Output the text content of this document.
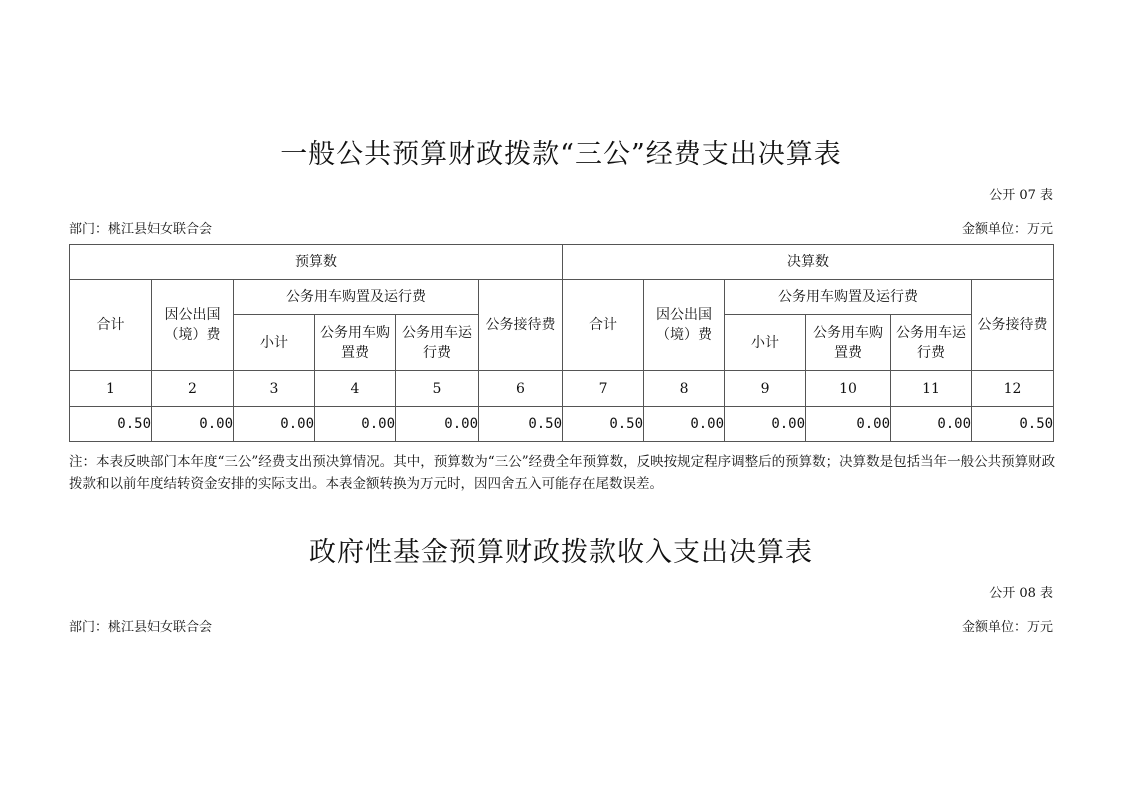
一般公共预算财政拨款“三公”经费支出决算表
公开 07 表
部门：桃江县妇女联合会	金额单位：万元
预算数						决算数					
合计	因公出国（境）费	公务用车购置及运行费			公务接待费	合计	因公出国（境）费	公务用车购置及运行费			公务接待费
		小计	公务用车购置费	公务用车运行费				小计	公务用车购置费	公务用车运行费	
1	2	3	4	5	6	7	8	9	10	11	12
0.50	0.00	0.00	0.00	0.00	0.50	0.50	0.00	0.00	0.00	0.00	0.50
注：本表反映部门本年度“三公”经费支出预决算情况。其中，预算数为“三公”经费全年预算数，反映按规定程序调整后的预算数；决算数是包括当年一般公共预算财政拨款和以前年度结转资金安排的实际支出。本表金额转换为万元时，因四舍五入可能存在尾数误差。
政府性基金预算财政拨款收入支出决算表
公开 08 表
部门：桃江县妇女联合会	金额单位：万元
